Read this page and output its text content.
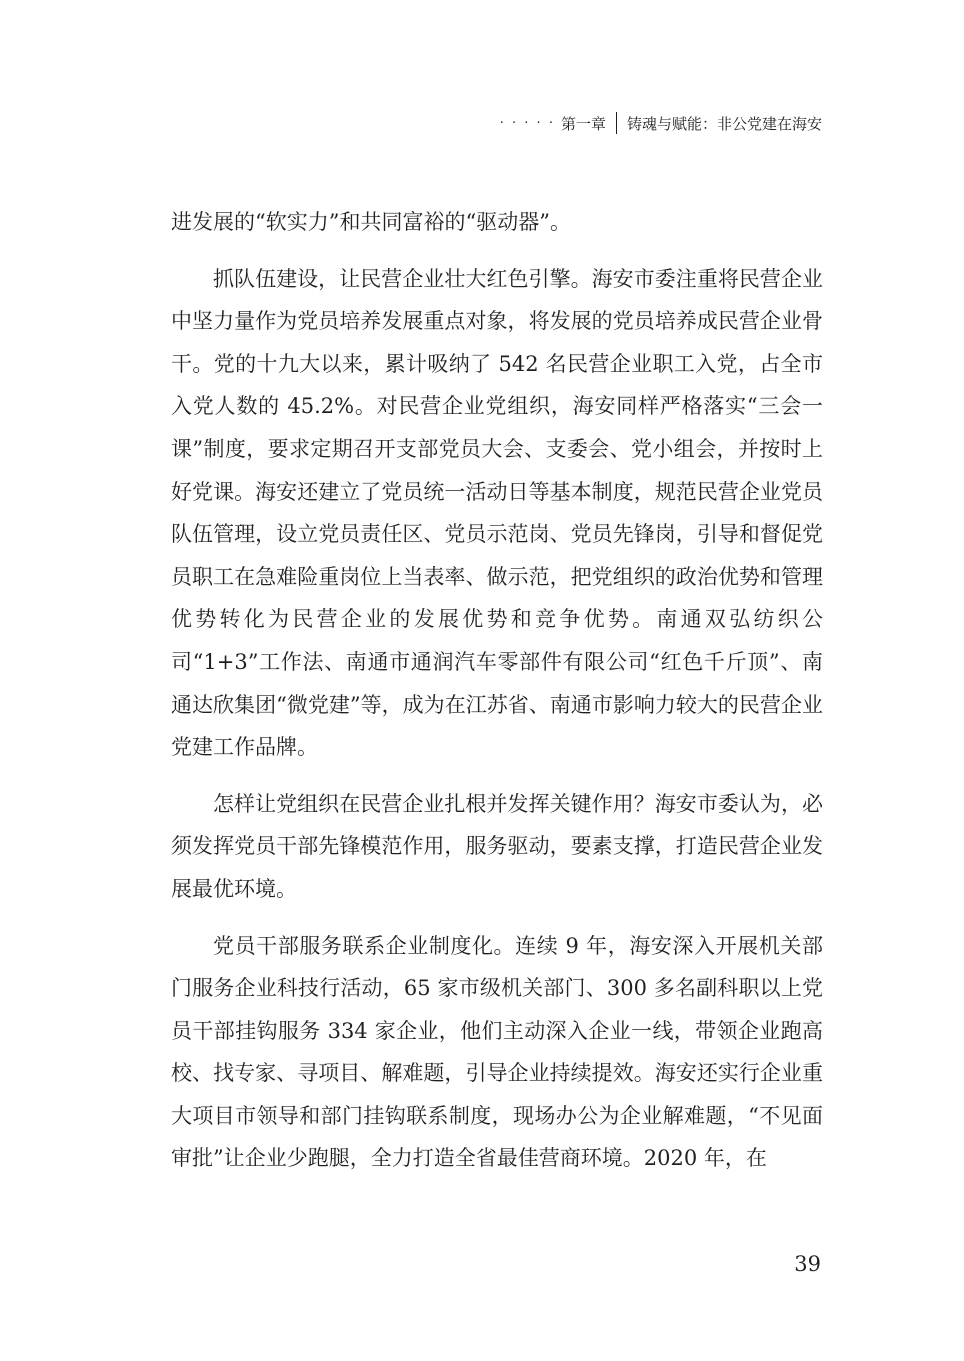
· · · · · 第一章 铸魂与赋能：非公党建在海安

进发展的“软实力”和共同富裕的“驱动器”。

抓队伍建设，让民营企业壮大红色引擎。海安市委注重将民营企业中坚力量作为党员培养发展重点对象，将发展的党员培养成民营企业骨干。党的十九大以来，累计吸纳了 542 名民营企业职工入党，占全市入党人数的 45.2%。对民营企业党组织，海安同样严格落实“三会一课”制度，要求定期召开支部党员大会、支委会、党小组会，并按时上好党课。海安还建立了党员统一活动日等基本制度，规范民营企业党员队伍管理，设立党员责任区、党员示范岗、党员先锋岗，引导和督促党员职工在急难险重岗位上当表率、做示范，把党组织的政治优势和管理优势转化为民营企业的发展优势和竞争优势。南通双弘纺织公司“1+3”工作法、南通市通润汽车零部件有限公司“红色千斤顶”、南通达欣集团“微党建”等，成为在江苏省、南通市影响力较大的民营企业党建工作品牌。

怎样让党组织在民营企业扎根并发挥关键作用？海安市委认为，必须发挥党员干部先锋模范作用，服务驱动，要素支撑，打造民营企业发展最优环境。

党员干部服务联系企业制度化。连续 9 年，海安深入开展机关部门服务企业科技行活动，65 家市级机关部门、300 多名副科职以上党员干部挂钩服务 334 家企业，他们主动深入企业一线，带领企业跑高校、找专家、寻项目、解难题，引导企业持续提效。海安还实行企业重大项目市领导和部门挂钩联系制度，现场办公为企业解难题，“不见面审批”让企业少跑腿，全力打造全省最佳营商环境。2020 年，在

39
